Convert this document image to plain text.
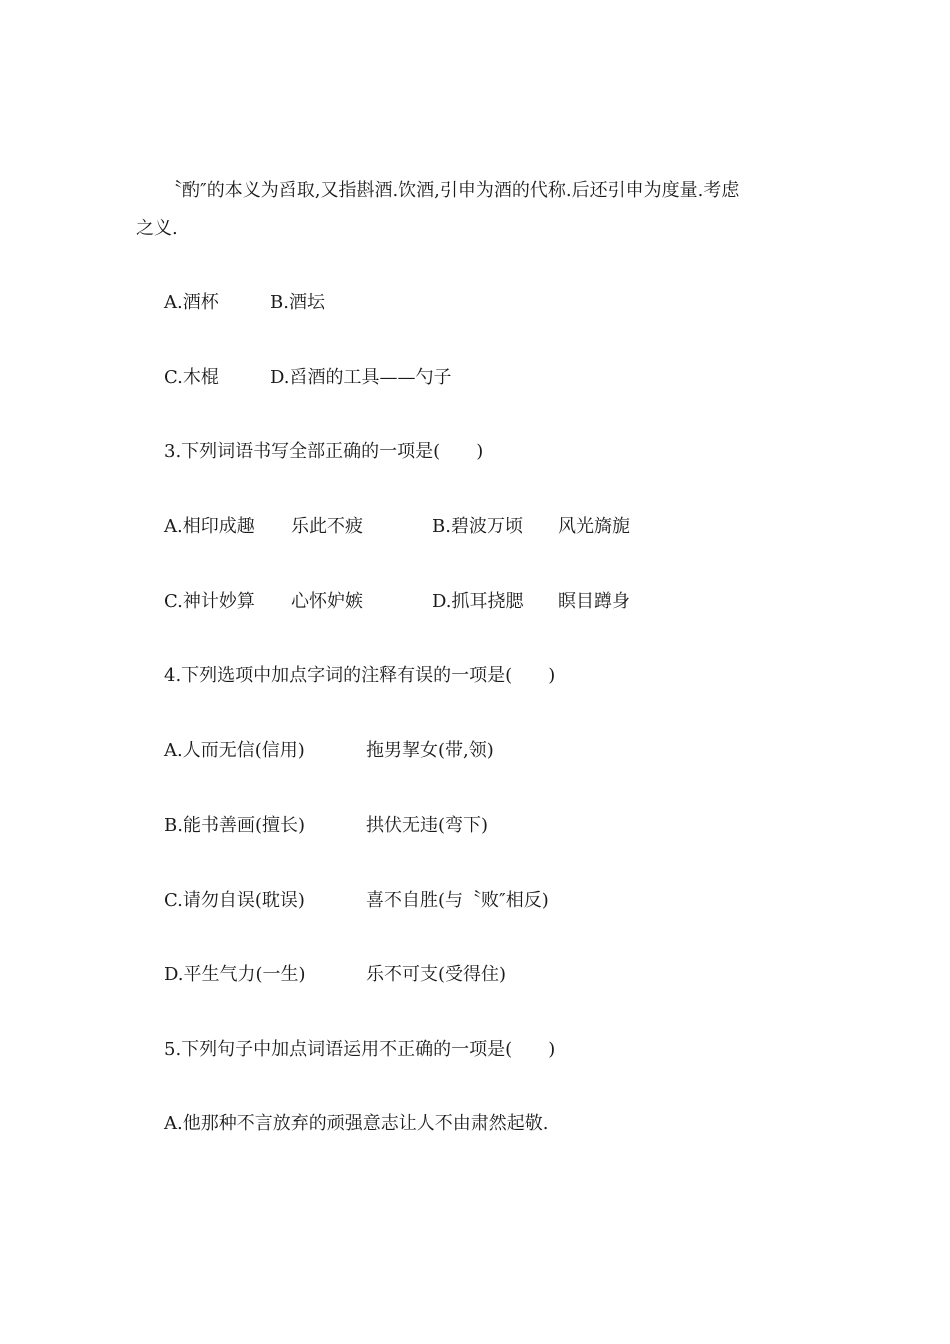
〝酌″的本义为舀取,又指斟酒.饮酒,引申为酒的代称.后还引申为度量.考虑
之义.
A.酒杯	B.酒坛
C.木棍	D.舀酒的工具——勺子
3.下列词语书写全部正确的一项是(　　)
A.相印成趣 乐此不疲	B.碧波万顷 风光旖旎
C.神计妙算 心怀妒嫉	D.抓耳挠腮 瞑目蹲身
4.下列选项中加点字词的注释有误的一项是(　　)
A.人而无信(信用)	拖男挈女(带,领)
B.能书善画(擅长)	拱伏无违(弯下)
C.请勿自误(耽误)	喜不自胜(与〝败″相反)
D.平生气力(一生)	乐不可支(受得住)
5.下列句子中加点词语运用不正确的一项是(　　)
A.他那种不言放弃的顽强意志让人不由肃然起敬.
